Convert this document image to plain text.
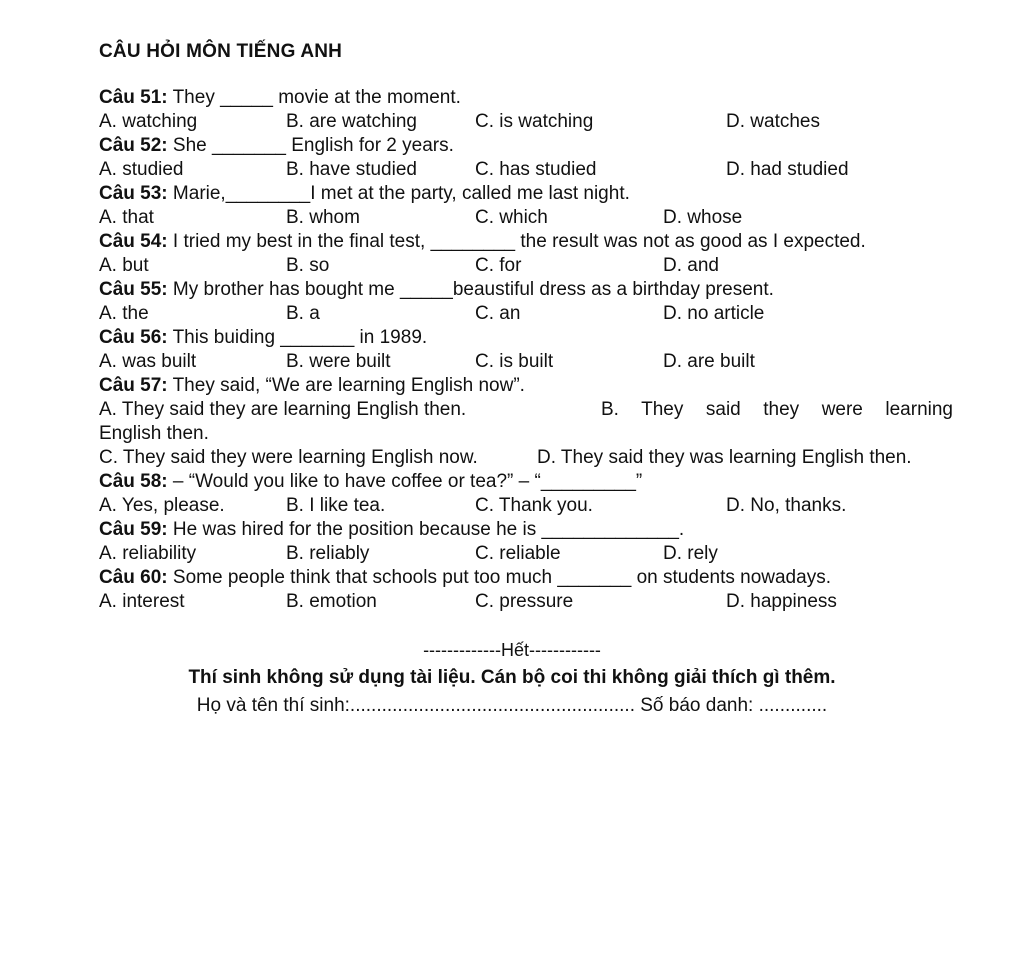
CÂU HỎI MÔN TIẾNG ANH
Câu 51: They _____ movie at the moment.
A. watching	B. are watching	C. is watching	D. watches
Câu 52: She _______ English for 2 years.
A. studied	B. have studied	C. has studied	D. had studied
Câu 53: Marie,________I met at the party, called me last night.
A. that	B. whom	C. which	D. whose
Câu 54: I tried my best in the final test, ________ the result was not as good as I expected.
A. but	B. so	C. for	D. and
Câu 55: My brother has bought me _____beaustiful dress as a birthday present.
A. the	B. a	C. an	D. no article
Câu 56: This buiding _______ in 1989.
A. was built	B. were built	C. is built	D. are built
Câu 57: They said, “We are learning English now”.
A. They said they are learning English then.	B. They said they were learning
English then.
C. They said they were learning English now.	D. They said they was learning English then.
Câu 58: – “Would you like to have coffee or tea?” – “_________”
A. Yes, please.	B. I like tea.	C. Thank you.	D. No, thanks.
Câu 59: He was hired for the position because he is _____________.
A. reliability	B. reliably	C. reliable	D. rely
Câu 60: Some people think that schools put too much _______ on students nowadays.
A. interest	B. emotion	C. pressure	D. happiness
-------------Hết------------
Thí sinh không sử dụng tài liệu. Cán bộ coi thi không giải thích gì thêm.
Họ và tên thí sinh:...................................................... Số báo danh: .............
